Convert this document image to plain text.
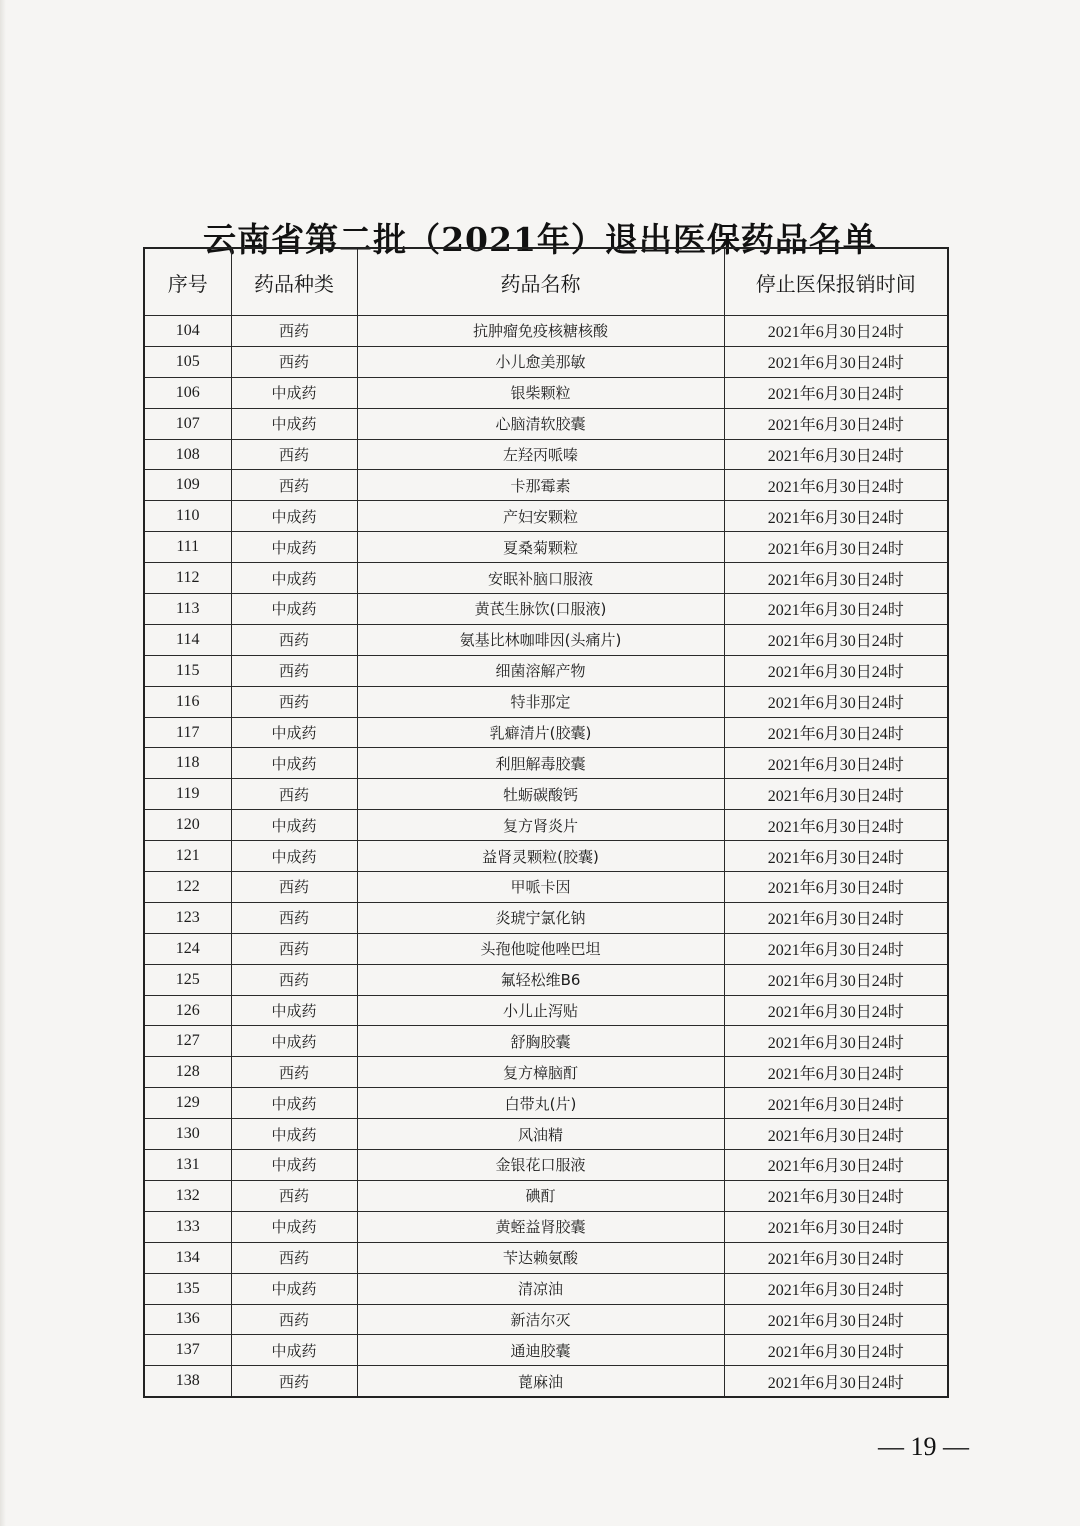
云南省第二批（2021年）退出医保药品名单
序号	药品种类	药品名称	停止医保报销时间
104	西药	抗肿瘤免疫核糖核酸	2021年6月30日24时
105	西药	小儿愈美那敏	2021年6月30日24时
106	中成药	银柴颗粒	2021年6月30日24时
107	中成药	心脑清软胶囊	2021年6月30日24时
108	西药	左羟丙哌嗪	2021年6月30日24时
109	西药	卡那霉素	2021年6月30日24时
110	中成药	产妇安颗粒	2021年6月30日24时
111	中成药	夏桑菊颗粒	2021年6月30日24时
112	中成药	安眠补脑口服液	2021年6月30日24时
113	中成药	黄芪生脉饮(口服液)	2021年6月30日24时
114	西药	氨基比林咖啡因(头痛片)	2021年6月30日24时
115	西药	细菌溶解产物	2021年6月30日24时
116	西药	特非那定	2021年6月30日24时
117	中成药	乳癖清片(胶囊)	2021年6月30日24时
118	中成药	利胆解毒胶囊	2021年6月30日24时
119	西药	牡蛎碳酸钙	2021年6月30日24时
120	中成药	复方肾炎片	2021年6月30日24时
121	中成药	益肾灵颗粒(胶囊)	2021年6月30日24时
122	西药	甲哌卡因	2021年6月30日24时
123	西药	炎琥宁氯化钠	2021年6月30日24时
124	西药	头孢他啶他唑巴坦	2021年6月30日24时
125	西药	氟轻松维B6	2021年6月30日24时
126	中成药	小儿止泻贴	2021年6月30日24时
127	中成药	舒胸胶囊	2021年6月30日24时
128	西药	复方樟脑酊	2021年6月30日24时
129	中成药	白带丸(片)	2021年6月30日24时
130	中成药	风油精	2021年6月30日24时
131	中成药	金银花口服液	2021年6月30日24时
132	西药	碘酊	2021年6月30日24时
133	中成药	黄蛭益肾胶囊	2021年6月30日24时
134	西药	苄达赖氨酸	2021年6月30日24时
135	中成药	清凉油	2021年6月30日24时
136	西药	新洁尔灭	2021年6月30日24时
137	中成药	通迪胶囊	2021年6月30日24时
138	西药	蓖麻油	2021年6月30日24时
— 19 —
